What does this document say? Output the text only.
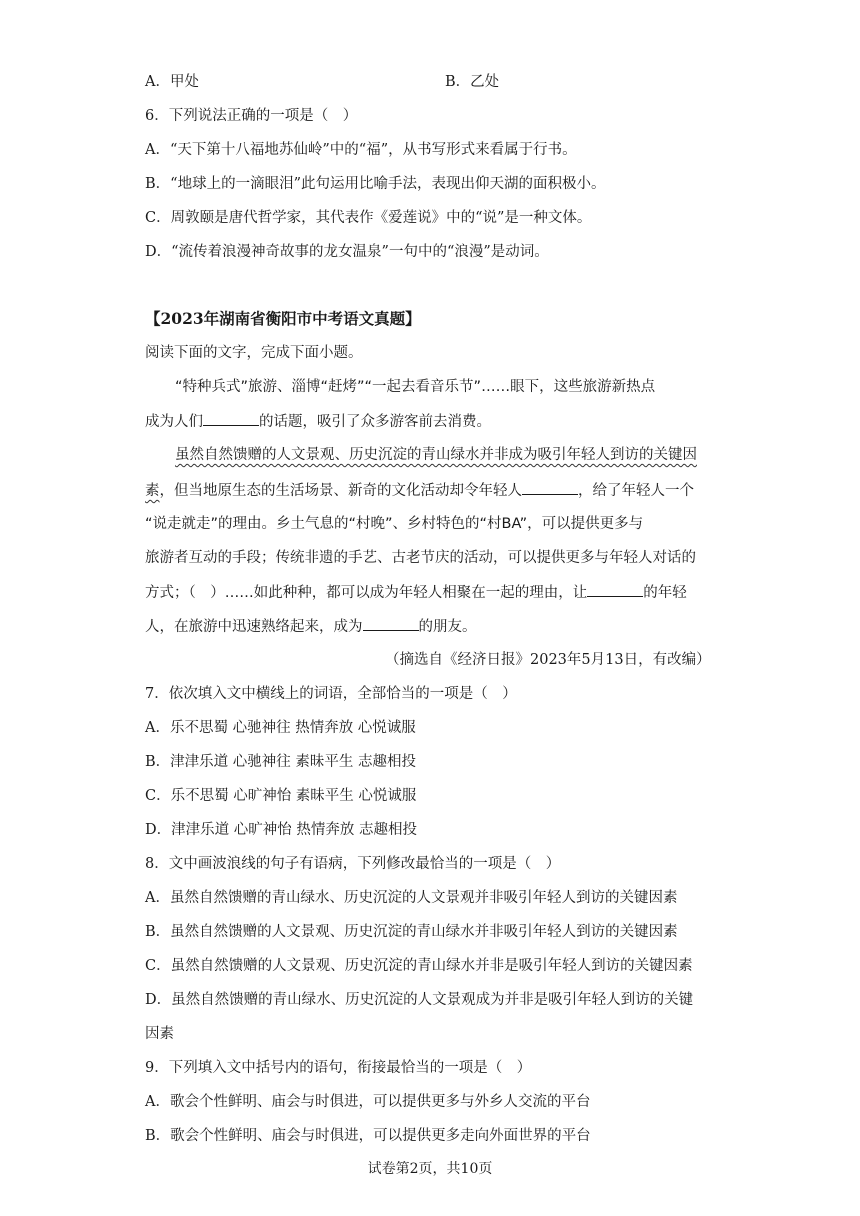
A．甲处	B．乙处
6．下列说法正确的一项是（　）
A．“天下第十八福地苏仙岭”中的“福”，从书写形式来看属于行书。
B．“地球上的一滴眼泪”此句运用比喻手法，表现出仰天湖的面积极小。
C．周敦颐是唐代哲学家，其代表作《爱莲说》中的“说”是一种文体。
D．“流传着浪漫神奇故事的龙女温泉”一句中的“浪漫”是动词。
【2023年湖南省衡阳市中考语文真题】
阅读下面的文字，完成下面小题。
“特种兵式”旅游、淄博“赶烤”“一起去看音乐节”……眼下，这些旅游新热点
成为人们	的话题，吸引了众多游客前去消费。
虽然自然馈赠的人文景观、历史沉淀的青山绿水并非成为吸引年轻人到访的关键因
素，但当地原生态的生活场景、新奇的文化活动却令年轻人	，给了年轻人一个
“说走就走”的理由。乡土气息的“村晚”、乡村特色的“村BA”，可以提供更多与
旅游者互动的手段；传统非遗的手艺、古老节庆的活动，可以提供更多与年轻人对话的
方式；（　）……如此种种，都可以成为年轻人相聚在一起的理由，让	的年轻
人，在旅游中迅速熟络起来，成为	的朋友。
（摘选自《经济日报》2023年5月13日，有改编）
7．依次填入文中横线上的词语，全部恰当的一项是（　）
A．乐不思蜀 心驰神往 热情奔放 心悦诚服
B．津津乐道 心驰神往 素昧平生 志趣相投
C．乐不思蜀 心旷神怡 素昧平生 心悦诚服
D．津津乐道 心旷神怡 热情奔放 志趣相投
8．文中画波浪线的句子有语病，下列修改最恰当的一项是（　）
A．虽然自然馈赠的青山绿水、历史沉淀的人文景观并非吸引年轻人到访的关键因素
B．虽然自然馈赠的人文景观、历史沉淀的青山绿水并非吸引年轻人到访的关键因素
C．虽然自然馈赠的人文景观、历史沉淀的青山绿水并非是吸引年轻人到访的关键因素
D．虽然自然馈赠的青山绿水、历史沉淀的人文景观成为并非是吸引年轻人到访的关键
因素
9．下列填入文中括号内的语句，衔接最恰当的一项是（　）
A．歌会个性鲜明、庙会与时俱进，可以提供更多与外乡人交流的平台
B．歌会个性鲜明、庙会与时俱进，可以提供更多走向外面世界的平台
试卷第2页，共10页
